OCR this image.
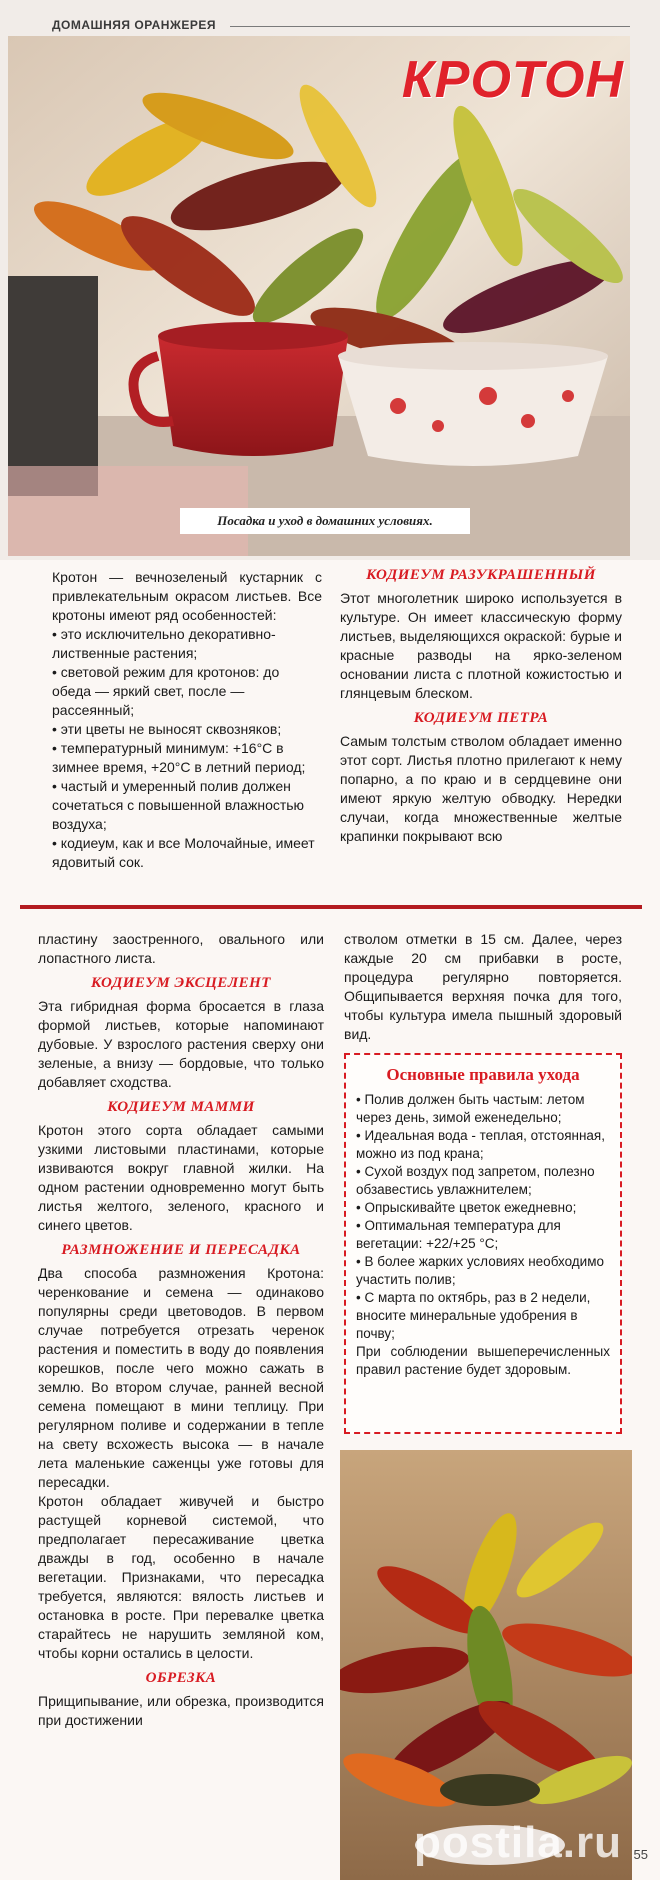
ДОМАШНЯЯ ОРАНЖЕРЕЯ
КРОТОН
Посадка и уход в домашних условиях.

Кротон — вечнозеленый кустарник с привлекательным окрасом листьев. Все кротоны имеют ряд особенностей:

• это исключительно декоративно-лиственные растения;

• световой режим для кротонов: до обеда — яркий свет, после — рассеянный;

• эти цветы не выносят сквозняков;

• температурный минимум: +16°С в зимнее время, +20°С в летний период;

• частый и умеренный полив должен сочетаться с повышенной влажностью воздуха;

• кодиеум, как и все Молочайные, имеет ядовитый сок.

КОДИЕУМ РАЗУКРАШЕННЫЙ

Этот многолетник широко используется в культуре. Он имеет классическую форму листьев, выделяющихся окраской: бурые и красные разводы на ярко-зеленом основании листа с плотной кожистостью и глянцевым блеском.

КОДИЕУМ ПЕТРА

Самым толстым стволом обладает именно этот сорт. Листья плотно прилегают к нему попарно, а по краю и в сердцевине они имеют яркую желтую обводку. Нередки случаи, когда множественные желтые крапинки покрывают всю

пластину заостренного, овального или лопастного листа.

КОДИЕУМ ЭКСЦЕЛЕНТ

Эта гибридная форма бросается в глаза формой листьев, которые напоминают дубовые. У взрослого растения сверху они зеленые, а внизу — бордовые, что только добавляет сходства.

КОДИЕУМ МАММИ

Кротон этого сорта обладает самыми узкими листовыми пластинами, которые извиваются вокруг главной жилки. На одном растении одновременно могут быть листья желтого, зеленого, красного и синего цветов.

РАЗМНОЖЕНИЕ И ПЕРЕСАДКА

Два способа размножения Кротона: черенкование и семена — одинаково популярны среди цветоводов. В первом случае потребуется отрезать черенок растения и поместить в воду до появления корешков, после чего можно сажать в землю. Во втором случае, ранней весной семена помещают в мини теплицу. При регулярном поливе и содержании в тепле на свету всхожесть высока — в начале лета маленькие саженцы уже готовы для пересадки.

Кротон обладает живучей и быстро растущей корневой системой, что предполагает пересаживание цветка дважды в год, особенно в начале вегетации. Признаками, что пересадка требуется, являются: вялость листьев и остановка в росте. При перевалке цветка старайтесь не нарушить земляной ком, чтобы корни остались в целости.

ОБРЕЗКА

Прищипывание, или обрезка, производится при достижении

стволом отметки в 15 см. Далее, через каждые 20 см прибавки в росте, процедура регулярно повторяется. Общипывается верхняя почка для того, чтобы культура имела пышный здоровый вид.

Основные правила ухода

• Полив должен быть частым: летом через день, зимой еженедельно;

• Идеальная вода - теплая, отстоянная, можно из под крана;

• Сухой воздух под запретом, полезно обзавестись увлажнителем;

• Опрыскивайте цветок ежедневно;

• Оптимальная температура для вегетации: +22/+25 °С;

• В более жарких условиях необходимо участить полив;

• С марта по октябрь, раз в 2 недели, вносите минеральные удобрения в почву;

При соблюдении вышеперечисленных правил растение будет здоровым.

postila.ru 55
